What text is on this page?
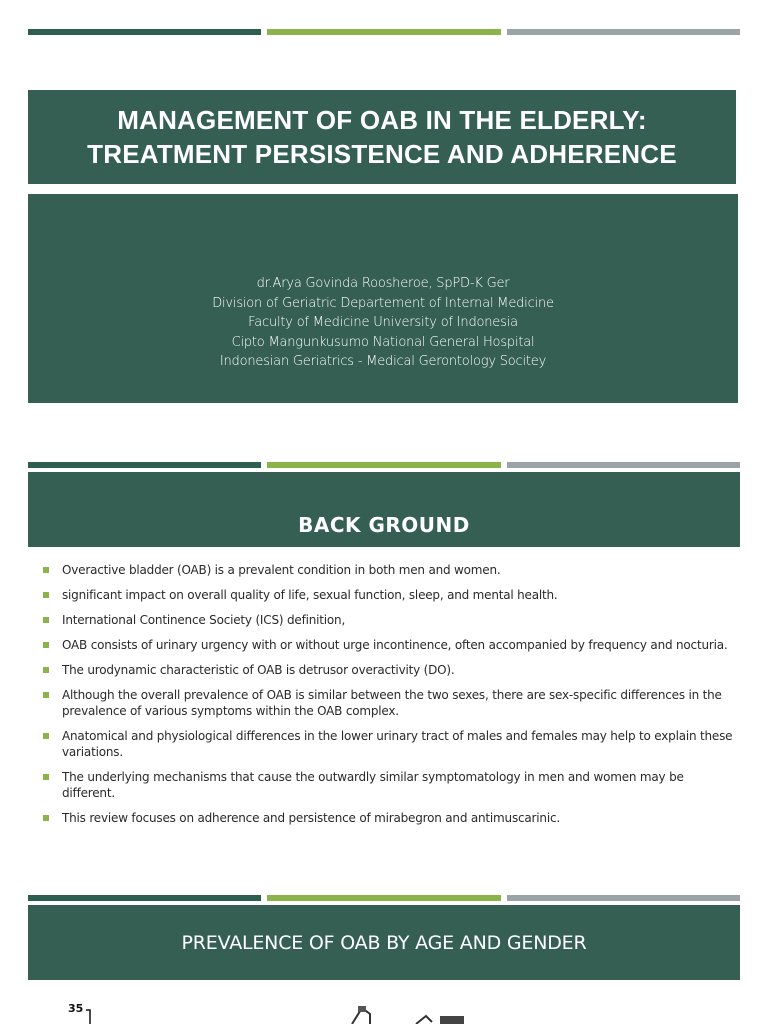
MANAGEMENT OF OAB IN THE ELDERLY:
TREATMENT PERSISTENCE AND ADHERENCE
dr.Arya Govinda Roosheroe, SpPD-K Ger
Division of Geriatric Departement of Internal Medicine
Faculty of Medicine University of Indonesia
Cipto Mangunkusumo National General Hospital
Indonesian Geriatrics - Medical Gerontology Socitey
BACK GROUND
Overactive bladder (OAB) is a prevalent condition in both men and women.
significant impact on overall quality of life, sexual function, sleep, and mental health.
International Continence Society (ICS) definition,
OAB consists of urinary urgency with or without urge incontinence, often accompanied by frequency and nocturia.
The urodynamic characteristic of OAB is detrusor overactivity (DO).
Although the overall prevalence of OAB is similar between the two sexes, there are sex-specific differences in the prevalence of various symptoms within the OAB complex.
Anatomical and physiological differences in the lower urinary tract of males and females may help to explain these variations.
The underlying mechanisms that cause the outwardly similar symptomatology in men and women may be different.
This review focuses on adherence and persistence of mirabegron and antimuscarinic.
PREVALENCE OF OAB BY AGE AND GENDER
35
